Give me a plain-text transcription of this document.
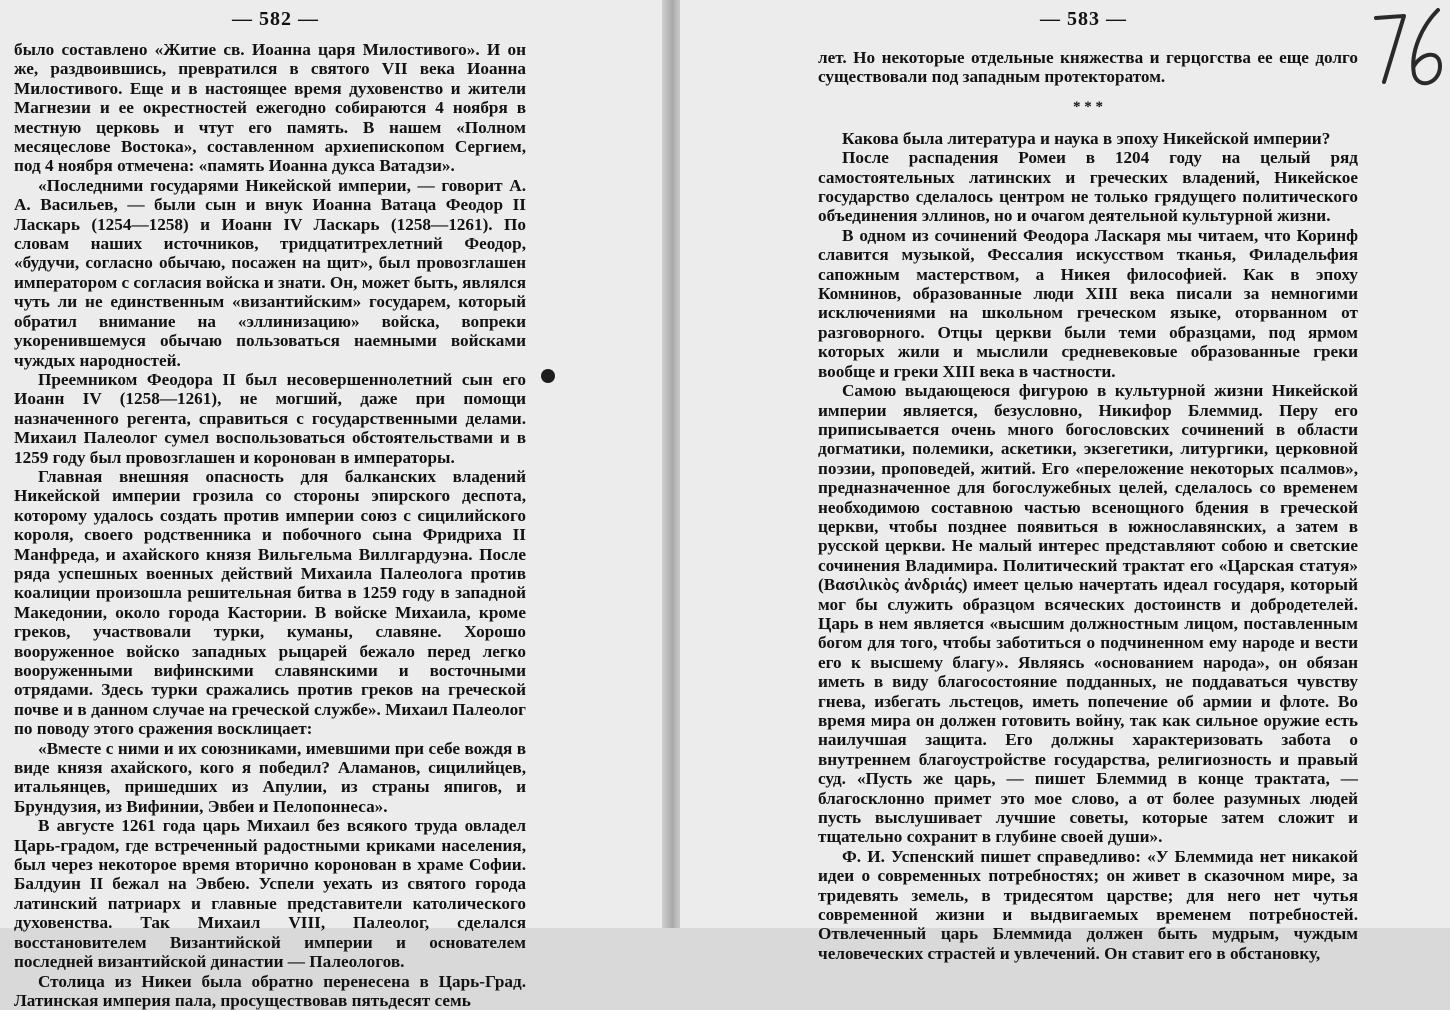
— 582 —

было составлено «Житие св. Иоанна царя Милостивого». И он же, раздвоившись, превратился в святого VII века Иоанна Милостивого. Еще и в настоящее время духовенство и жители Магнезии и ее окрестностей ежегодно собираются 4 ноября в местную церковь и чтут его память. В нашем «Полном месяцеслове Востока», составленном архиепископом Сергием, под 4 ноября отмечена: «память Иоанна дукса Ватадзи».

«Последними государями Никейской империи, — говорит А. А. Васильев, — были сын и внук Иоанна Ватаца Феодор II Ласкарь (1254—1258) и Иоанн IV Ласкарь (1258—1261). По словам наших источников, тридцатитрехлетний Феодор, «будучи, согласно обычаю, посажен на щит», был провозглашен императором с согласия войска и знати. Он, может быть, являлся чуть ли не единственным «византийским» государем, который обратил внимание на «эллинизацию» войска, вопреки укоренившемуся обычаю пользоваться наемными войсками чуждых народностей.

Преемником Феодора II был несовершеннолетний сын его Иоанн IV (1258—1261), не могший, даже при помощи назначенного регента, справиться с государственными делами. Михаил Палеолог сумел воспользоваться обстоятельствами и в 1259 году был провозглашен и коронован в императоры.

Главная внешняя опасность для балканских владений Никейской империи грозила со стороны эпирского деспота, которому удалось создать против империи союз с сицилийского короля, своего родственника и побочного сына Фридриха II Манфреда, и ахайского князя Вильгельма Виллгардуэна. После ряда успешных военных действий Михаила Палеолога против коалиции произошла решительная битва в 1259 году в западной Македонии, около города Кастории. В войске Михаила, кроме греков, участвовали турки, куманы, славяне. Хорошо вооруженное войско западных рыцарей бежало перед легко вооруженными вифинскими славянскими и восточными отрядами. Здесь турки сражались против греков на греческой почве и в данном случае на греческой службе». Михаил Палеолог по поводу этого сражения восклицает:

«Вместе с ними и их союзниками, имевшими при себе вождя в виде князя ахайского, кого я победил? Аламанов, сицилийцев, итальянцев, пришедших из Апулии, из страны япигов, и Брундузия, из Вифинии, Эвбеи и Пелопоннеса».

В августе 1261 года царь Михаил без всякого труда овладел Царь-градом, где встреченный радостными криками населения, был через некоторое время вторично коронован в храме Софии. Балдуин II бежал на Эвбею. Успели уехать из святого города латинский патриарх и главные представители католического духовенства. Так Михаил VIII, Палеолог, сделался восстановителем Византийской империи и основателем последней византийской династии — Палеологов.

Столица из Никеи была обратно перенесена в Царь-Град. Латинская империя пала, просуществовав пятьдесят семь

— 583 —

лет. Но некоторые отдельные княжества и герцогства ее еще долго существовали под западным протекторатом.

* * *

Какова была литература и наука в эпоху Никейской империи?

После распадения Ромеи в 1204 году на целый ряд самостоятельных латинских и греческих владений, Никейское государство сделалось центром не только грядущего политического объединения эллинов, но и очагом деятельной культурной жизни.

В одном из сочинений Феодора Ласкаря мы читаем, что Коринф славится музыкой, Фессалия искусством тканья, Филадельфия сапожным мастерством, а Никея философией. Как в эпоху Комнинов, образованные люди XIII века писали за немногими исключениями на школьном греческом языке, оторванном от разговорного. Отцы церкви были теми образцами, под ярмом которых жили и мыслили средневековые образованные греки вообще и греки XIII века в частности.

Самою выдающеюся фигурою в культурной жизни Никейской империи является, безусловно, Никифор Блеммид. Перу его приписывается очень много богословских сочинений в области догматики, полемики, аскетики, экзегетики, литургики, церковной поэзии, проповедей, житий. Его «переложение некоторых псалмов», предназначенное для богослужебных целей, сделалось со временем необходимою составною частью всенощного бдения в греческой церкви, чтобы позднее появиться в южнославянских, а затем в русской церкви. Не малый интерес представляют собою и светские сочинения Владимира. Политический трактат его «Царская статуя» (Βασιλικὸς ἀνδριάς) имеет целью начертать идеал государя, который мог бы служить образцом всяческих достоинств и добродетелей. Царь в нем является «высшим должностным лицом, поставленным богом для того, чтобы заботиться о подчиненном ему народе и вести его к высшему благу». Являясь «основанием народа», он обязан иметь в виду благосостояние подданных, не поддаваться чувству гнева, избегать льстецов, иметь попечение об армии и флоте. Во время мира он должен готовить войну, так как сильное оружие есть наилучшая защита. Его должны характеризовать забота о внутреннем благоустройстве государства, религиозность и правый суд. «Пусть же царь, — пишет Блеммид в конце трактата, — благосклонно примет это мое слово, а от более разумных людей пусть выслушивает лучшие советы, которые затем сложит и тщательно сохранит в глубине своей души».

Ф. И. Успенский пишет справедливо: «У Блеммида нет никакой идеи о современных потребностях; он живет в сказочном мире, за тридевять земель, в тридесятом царстве; для него нет чутья современной жизни и выдвигаемых временем потребностей. Отвлеченный царь Блеммида должен быть мудрым, чуждым человеческих страстей и увлечений. Он ставит его в обстановку,
